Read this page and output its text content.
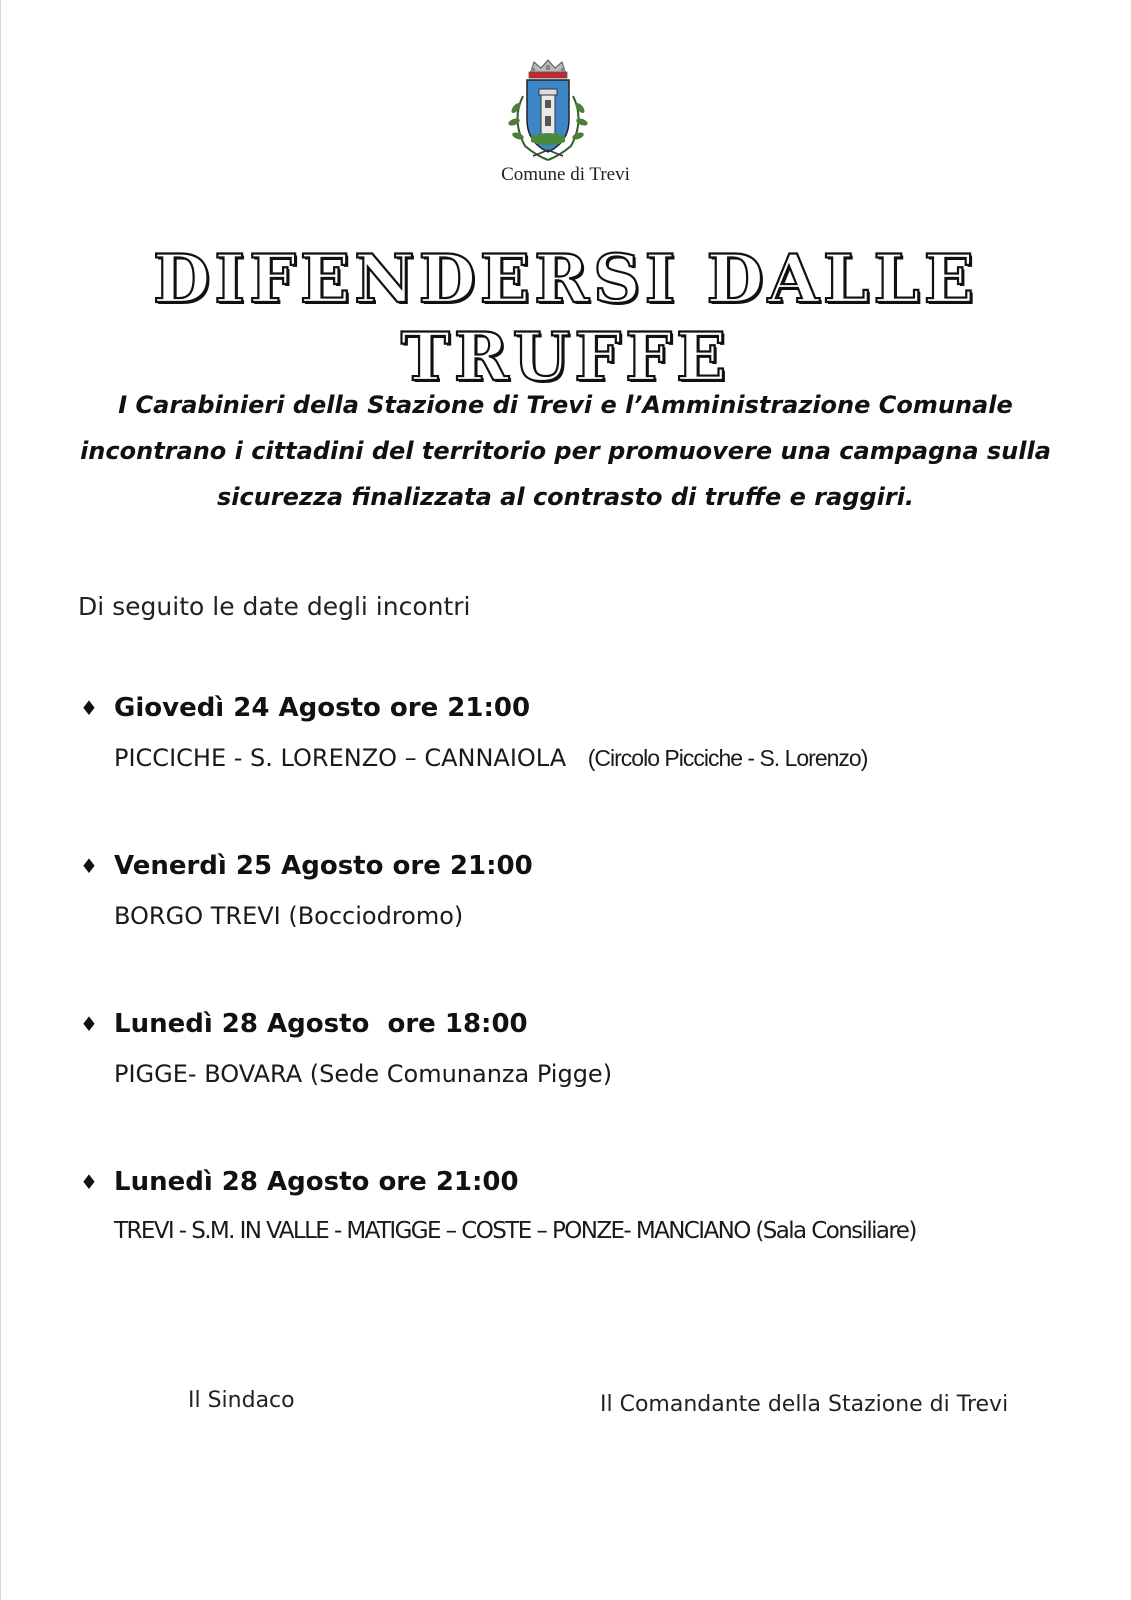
Comune di Trevi
DIFENDERSI DALLE TRUFFE
I Carabinieri della Stazione di Trevi e l’Amministrazione Comunale
incontrano i cittadini del territorio per promuovere una campagna sulla
sicurezza finalizzata al contrasto di truffe e raggiri.
Di seguito le date degli incontri
♦ Giovedì 24 Agosto ore 21:00
PICCICHE - S. LORENZO – CANNAIOLA (Circolo Picciche - S. Lorenzo)
♦ Venerdì 25 Agosto ore 21:00
BORGO TREVI (Bocciodromo)
♦ Lunedì 28 Agosto  ore 18:00
PIGGE- BOVARA (Sede Comunanza Pigge)
♦ Lunedì 28 Agosto ore 21:00
TREVI - S.M. IN VALLE - MATIGGE – COSTE – PONZE- MANCIANO (Sala Consiliare)
Il Sindaco	Il Comandante della Stazione di Trevi
